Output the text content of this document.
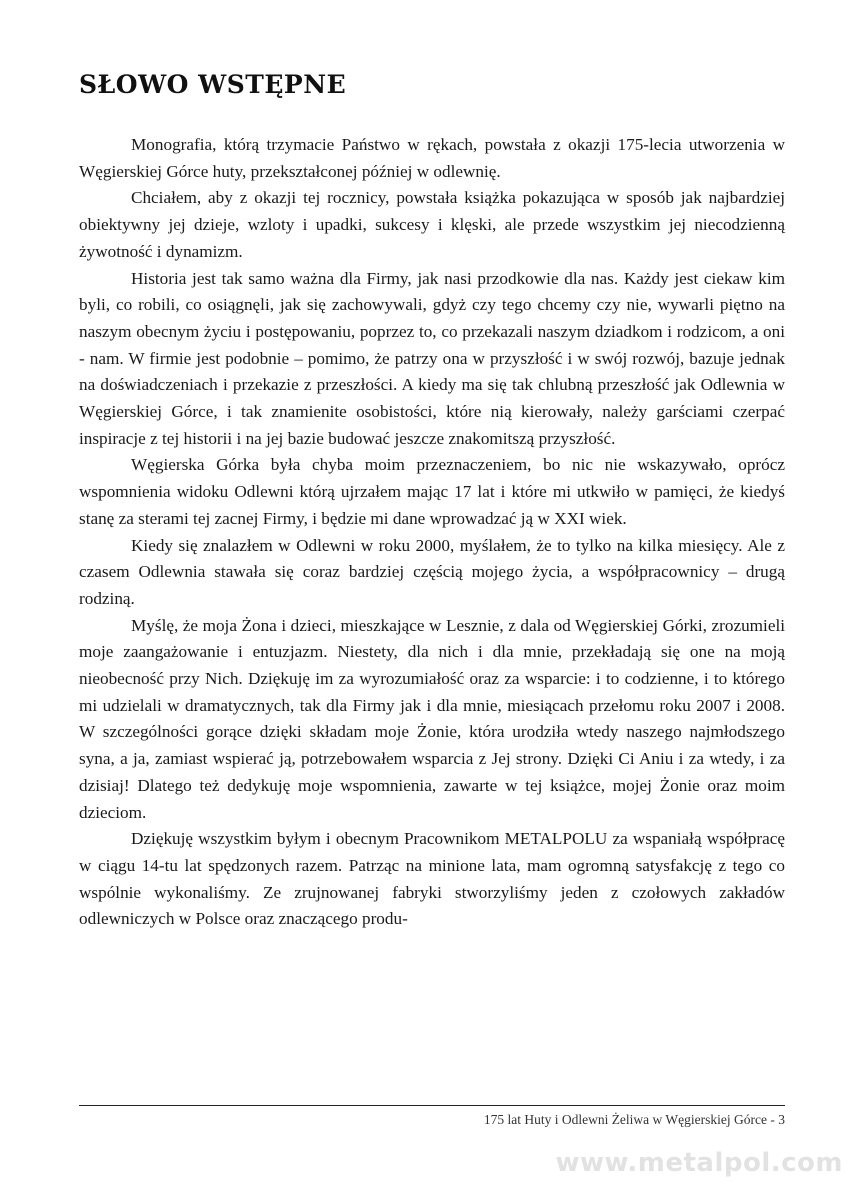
SŁOWO WSTĘPNE

Monografia, którą trzymacie Państwo w rękach, powstała z okazji 175-lecia utworzenia w Węgierskiej Górce huty, przekształconej później w odlewnię.

Chciałem, aby z okazji tej rocznicy, powstała książka pokazująca w sposób jak najbardziej obiektywny jej dzieje, wzloty i upadki, sukcesy i klęski, ale przede wszystkim jej niecodzienną żywotność i dynamizm.

Historia jest tak samo ważna dla Firmy, jak nasi przodkowie dla nas. Każdy jest ciekaw kim byli, co robili, co osiągnęli, jak się zachowywali, gdyż czy tego chcemy czy nie, wywarli piętno na naszym obecnym życiu i postępowaniu, poprzez to, co przekazali naszym dziadkom i rodzicom, a oni - nam. W firmie jest podobnie – pomimo, że patrzy ona w przyszłość i w swój rozwój, bazuje jednak na doświadczeniach i przekazie z przeszłości. A kiedy ma się tak chlubną przeszłość jak Odlewnia w Węgierskiej Górce, i tak znamienite osobistości, które nią kierowały, należy garściami czerpać inspiracje z tej historii i na jej bazie budować jeszcze znakomitszą przyszłość.

Węgierska Górka była chyba moim przeznaczeniem, bo nic nie wskazywało, oprócz wspomnienia widoku Odlewni którą ujrzałem mając 17 lat i które mi utkwiło w pamięci, że kiedyś stanę za sterami tej zacnej Firmy, i będzie mi dane wprowadzać ją w XXI wiek.

Kiedy się znalazłem w Odlewni w roku 2000, myślałem, że to tylko na kilka miesięcy. Ale z czasem Odlewnia stawała się coraz bardziej częścią mojego życia, a współpracownicy – drugą rodziną.

Myślę, że moja Żona i dzieci, mieszkające w Lesznie, z dala od Węgierskiej Górki, zrozumieli moje zaangażowanie i entuzjazm. Niestety, dla nich i dla mnie, przekładają się one na moją nieobecność przy Nich. Dziękuję im za wyrozumiałość oraz za wsparcie: i to codzienne, i to którego mi udzielali w dramatycznych, tak dla Firmy jak i dla mnie, miesiącach przełomu roku 2007 i 2008. W szczególności gorące dzięki składam moje Żonie, która urodziła wtedy naszego najmłodszego syna, a ja, zamiast wspierać ją, potrzebowałem wsparcia z Jej strony. Dzięki Ci Aniu i za wtedy, i za dzisiaj! Dlatego też dedykuję moje wspomnienia, zawarte w tej książce, mojej Żonie oraz moim dzieciom.

Dziękuję wszystkim byłym i obecnym Pracownikom METALPOLU za wspaniałą współpracę w ciągu 14-tu lat spędzonych razem. Patrząc na minione lata, mam ogromną satysfakcję z tego co wspólnie wykonaliśmy. Ze zrujnowanej fabryki stworzyliśmy jeden z czołowych zakładów odlewniczych w Polsce oraz znaczącego produ-

175 lat Huty i Odlewni Żeliwa w Węgierskiej Górce - 3
www.metalpol.com
